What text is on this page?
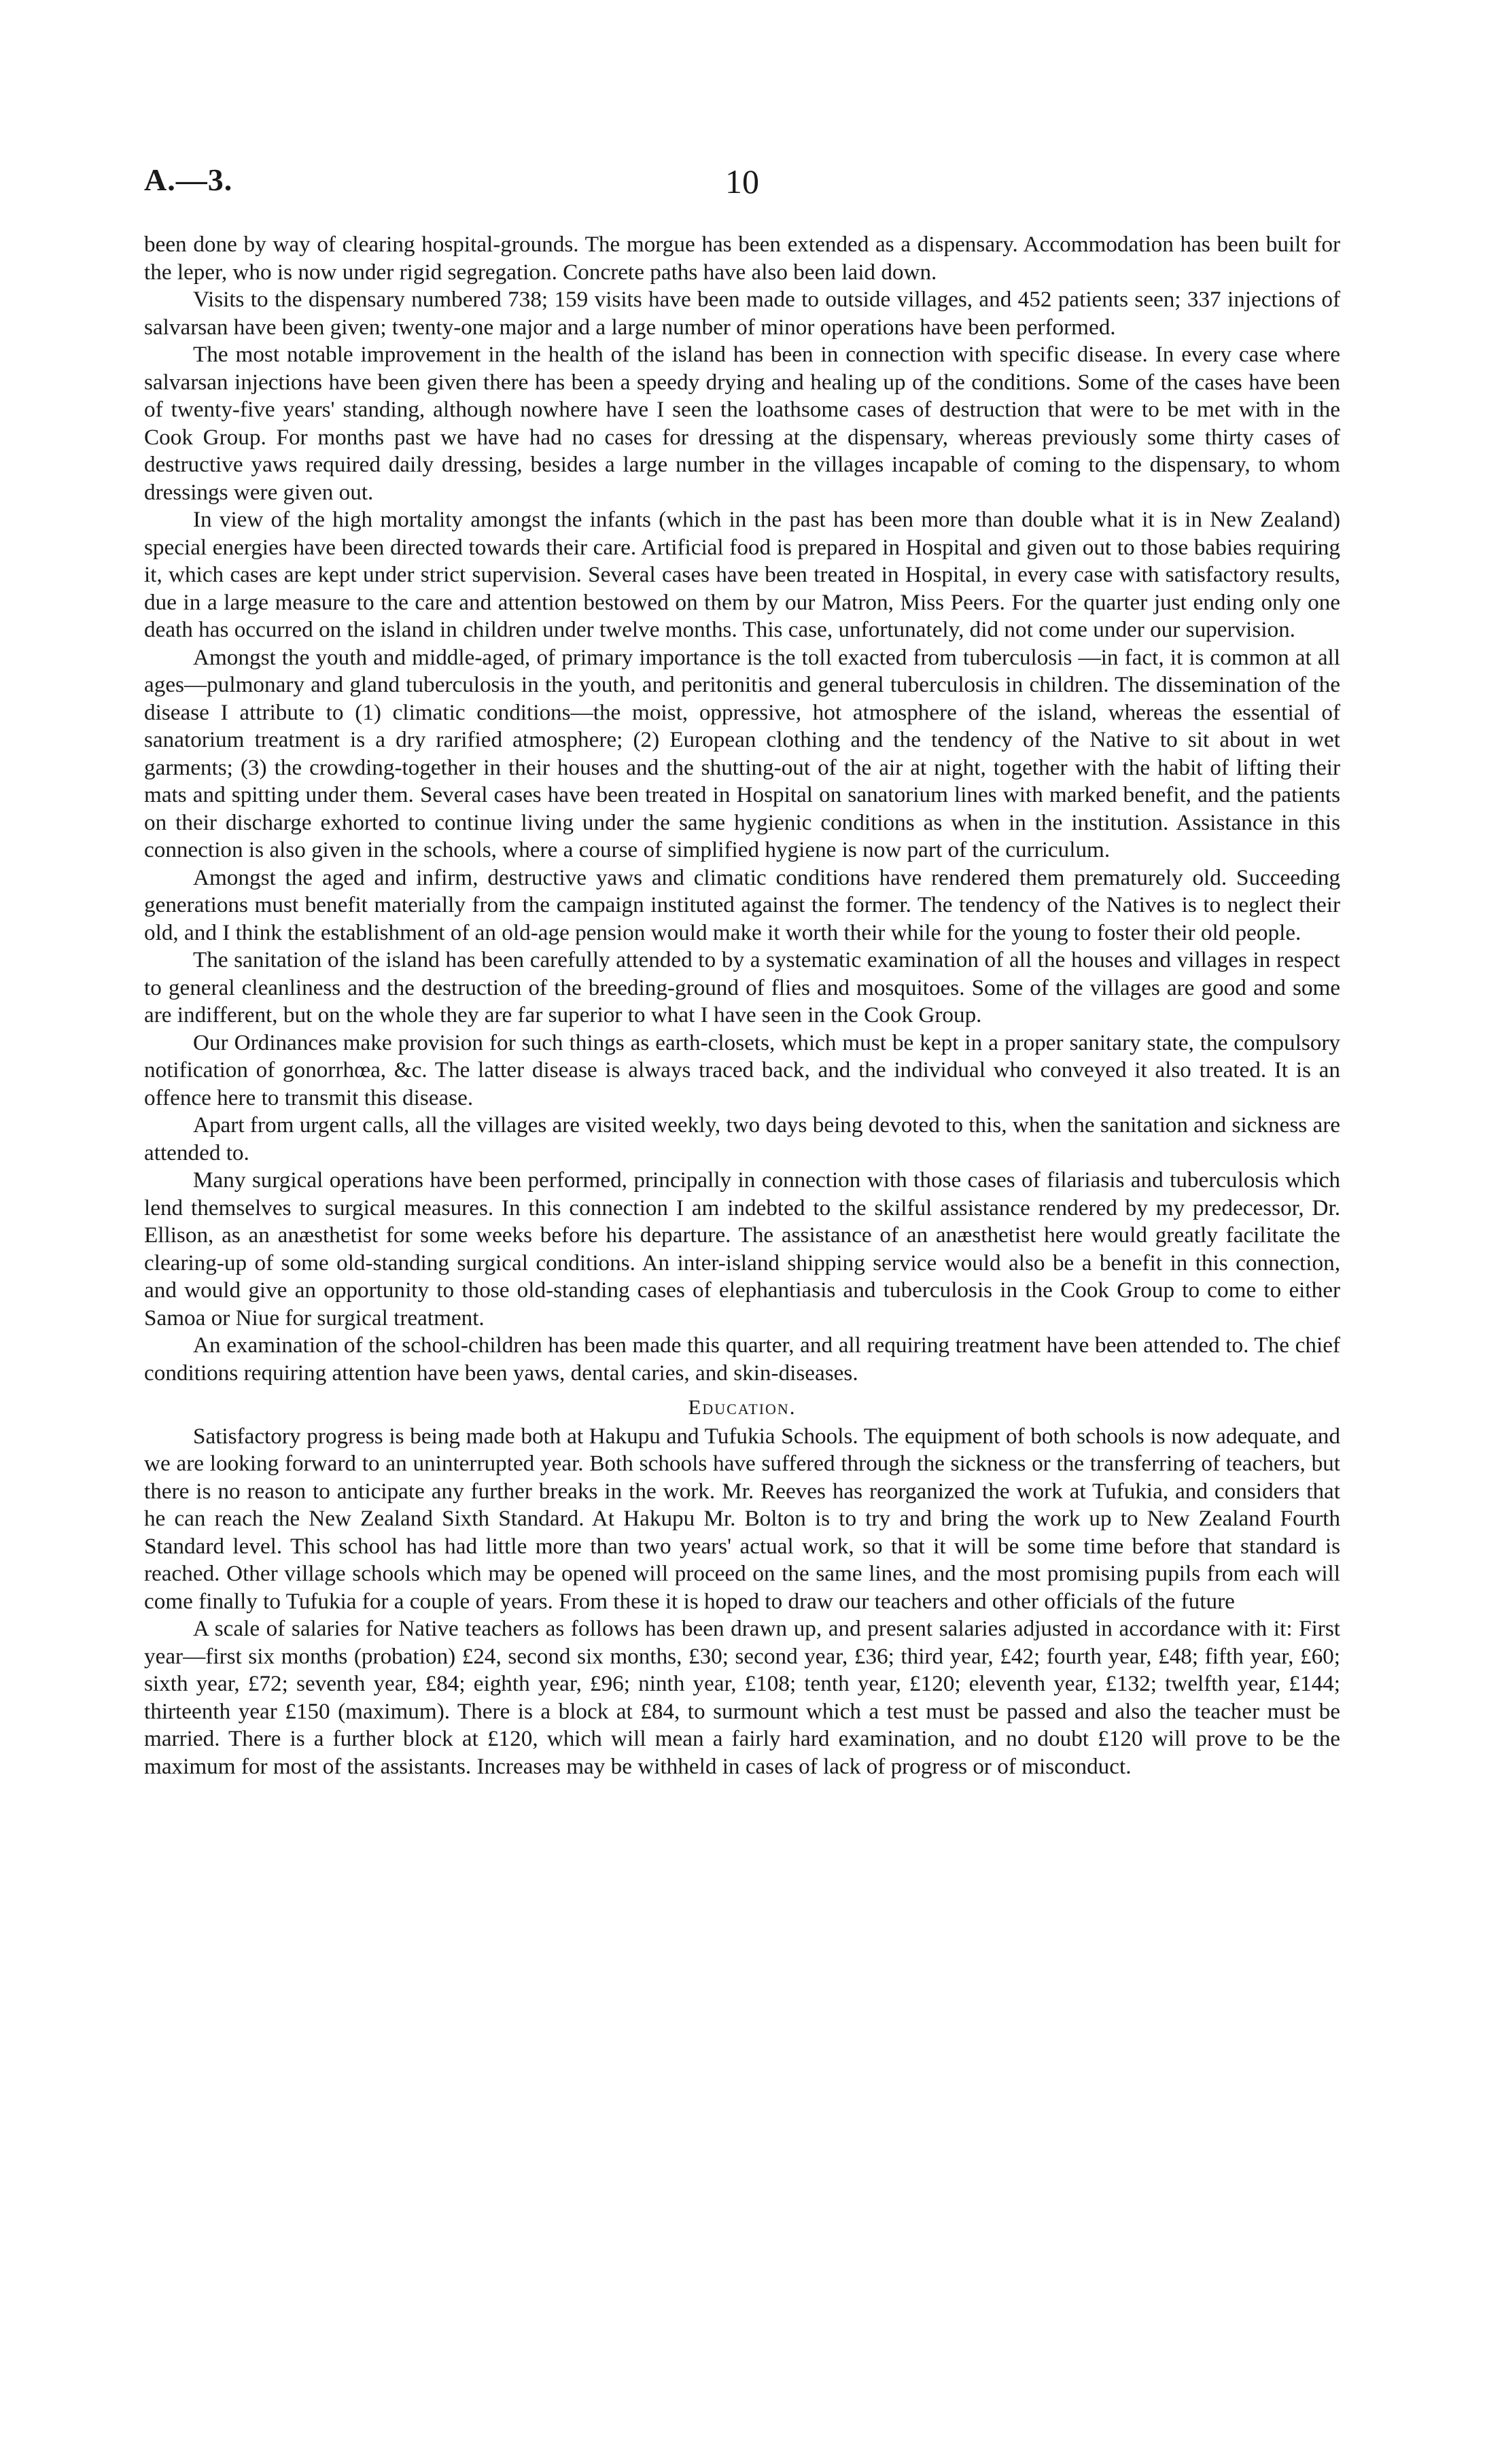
A.—3.	10

been done by way of clearing hospital-grounds. The morgue has been extended as a dispensary. Accommodation has been built for the leper, who is now under rigid segregation. Concrete paths have also been laid down.

Visits to the dispensary numbered 738; 159 visits have been made to outside villages, and 452 patients seen; 337 injections of salvarsan have been given; twenty-one major and a large number of minor operations have been performed.

The most notable improvement in the health of the island has been in connection with specific disease. In every case where salvarsan injections have been given there has been a speedy drying and healing up of the conditions. Some of the cases have been of twenty-five years' standing, although nowhere have I seen the loathsome cases of destruction that were to be met with in the Cook Group. For months past we have had no cases for dressing at the dispensary, whereas previously some thirty cases of destructive yaws required daily dressing, besides a large number in the villages incapable of coming to the dispensary, to whom dressings were given out.

In view of the high mortality amongst the infants (which in the past has been more than double what it is in New Zealand) special energies have been directed towards their care. Artificial food is prepared in Hospital and given out to those babies requiring it, which cases are kept under strict supervision. Several cases have been treated in Hospital, in every case with satisfactory results, due in a large measure to the care and attention bestowed on them by our Matron, Miss Peers. For the quarter just ending only one death has occurred on the island in children under twelve months. This case, unfortunately, did not come under our supervision.

Amongst the youth and middle-aged, of primary importance is the toll exacted from tuberculosis —in fact, it is common at all ages—pulmonary and gland tuberculosis in the youth, and peritonitis and general tuberculosis in children. The dissemination of the disease I attribute to (1) climatic conditions—the moist, oppressive, hot atmosphere of the island, whereas the essential of sanatorium treatment is a dry rarified atmosphere; (2) European clothing and the tendency of the Native to sit about in wet garments; (3) the crowding-together in their houses and the shutting-out of the air at night, together with the habit of lifting their mats and spitting under them. Several cases have been treated in Hospital on sanatorium lines with marked benefit, and the patients on their discharge exhorted to continue living under the same hygienic conditions as when in the institution. Assistance in this connection is also given in the schools, where a course of simplified hygiene is now part of the curriculum.

Amongst the aged and infirm, destructive yaws and climatic conditions have rendered them prematurely old. Succeeding generations must benefit materially from the campaign instituted against the former. The tendency of the Natives is to neglect their old, and I think the establishment of an old-age pension would make it worth their while for the young to foster their old people.

The sanitation of the island has been carefully attended to by a systematic examination of all the houses and villages in respect to general cleanliness and the destruction of the breeding-ground of flies and mosquitoes. Some of the villages are good and some are indifferent, but on the whole they are far superior to what I have seen in the Cook Group.

Our Ordinances make provision for such things as earth-closets, which must be kept in a proper sanitary state, the compulsory notification of gonorrhœa, &c. The latter disease is always traced back, and the individual who conveyed it also treated. It is an offence here to transmit this disease.

Apart from urgent calls, all the villages are visited weekly, two days being devoted to this, when the sanitation and sickness are attended to.

Many surgical operations have been performed, principally in connection with those cases of filariasis and tuberculosis which lend themselves to surgical measures. In this connection I am indebted to the skilful assistance rendered by my predecessor, Dr. Ellison, as an anæsthetist for some weeks before his departure. The assistance of an anæsthetist here would greatly facilitate the clearing-up of some old-standing surgical conditions. An inter-island shipping service would also be a benefit in this connection, and would give an opportunity to those old-standing cases of elephantiasis and tuberculosis in the Cook Group to come to either Samoa or Niue for surgical treatment.

An examination of the school-children has been made this quarter, and all requiring treatment have been attended to. The chief conditions requiring attention have been yaws, dental caries, and skin-diseases.

Education.

Satisfactory progress is being made both at Hakupu and Tufukia Schools. The equipment of both schools is now adequate, and we are looking forward to an uninterrupted year. Both schools have suffered through the sickness or the transferring of teachers, but there is no reason to anticipate any further breaks in the work. Mr. Reeves has reorganized the work at Tufukia, and considers that he can reach the New Zealand Sixth Standard. At Hakupu Mr. Bolton is to try and bring the work up to New Zealand Fourth Standard level. This school has had little more than two years' actual work, so that it will be some time before that standard is reached. Other village schools which may be opened will proceed on the same lines, and the most promising pupils from each will come finally to Tufukia for a couple of years. From these it is hoped to draw our teachers and other officials of the future

A scale of salaries for Native teachers as follows has been drawn up, and present salaries adjusted in accordance with it: First year—first six months (probation) £24, second six months, £30; second year, £36; third year, £42; fourth year, £48; fifth year, £60; sixth year, £72; seventh year, £84; eighth year, £96; ninth year, £108; tenth year, £120; eleventh year, £132; twelfth year, £144; thirteenth year £150 (maximum). There is a block at £84, to surmount which a test must be passed and also the teacher must be married. There is a further block at £120, which will mean a fairly hard examination, and no doubt £120 will prove to be the maximum for most of the assistants. Increases may be withheld in cases of lack of progress or of misconduct.
